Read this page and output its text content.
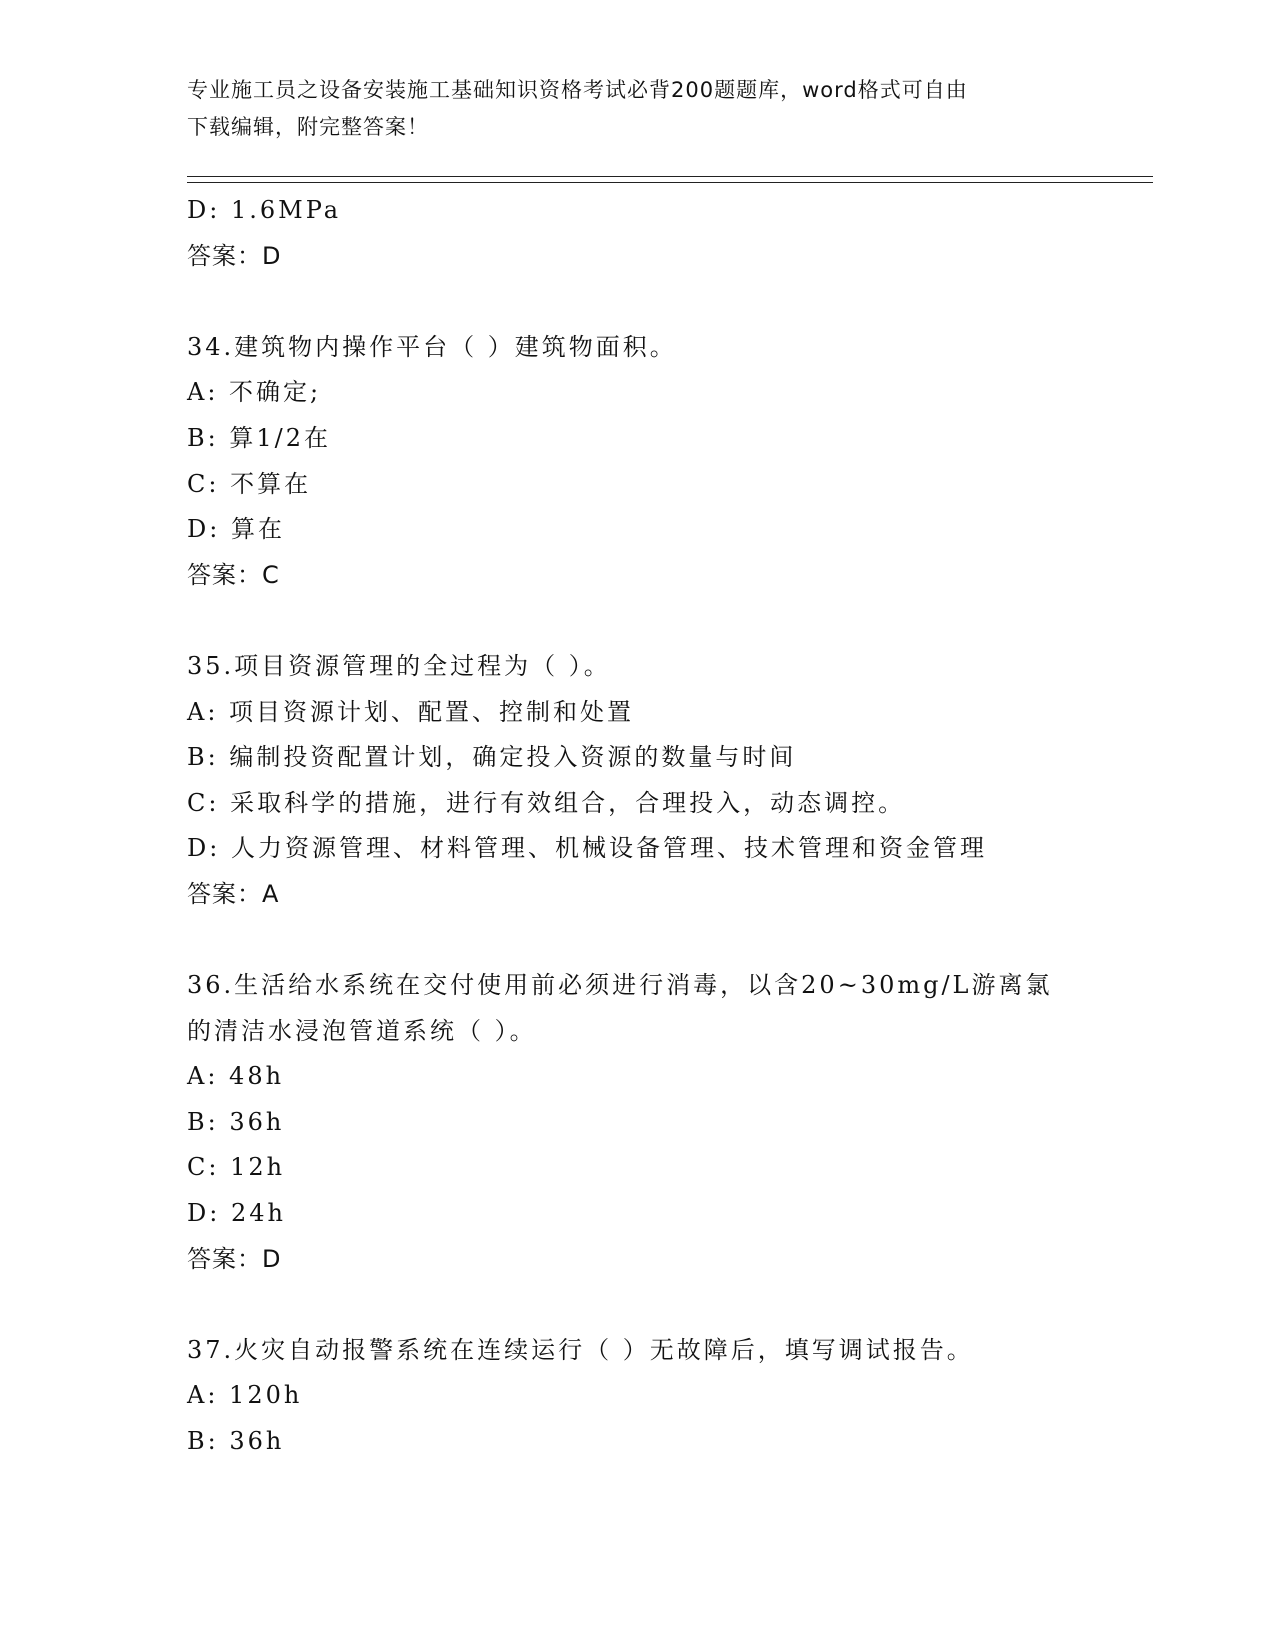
专业施工员之设备安装施工基础知识资格考试必背200题题库，word格式可自由
下载编辑，附完整答案！
D: 1.6MPa
答案：D
34.建筑物内操作平台（ ）建筑物面积。
A: 不确定;
B: 算1/2在
C: 不算在
D: 算在
答案：C
35.项目资源管理的全过程为（ ）。
A: 项目资源计划、配置、控制和处置
B: 编制投资配置计划，确定投入资源的数量与时间
C: 采取科学的措施，进行有效组合，合理投入，动态调控。
D: 人力资源管理、材料管理、机械设备管理、技术管理和资金管理
答案：A
36.生活给水系统在交付使用前必须进行消毒，以含20~30mg/L游离氯
的清洁水浸泡管道系统（ ）。
A: 48h
B: 36h
C: 12h
D: 24h
答案：D
37.火灾自动报警系统在连续运行（ ）无故障后，填写调试报告。
A: 120h
B: 36h
